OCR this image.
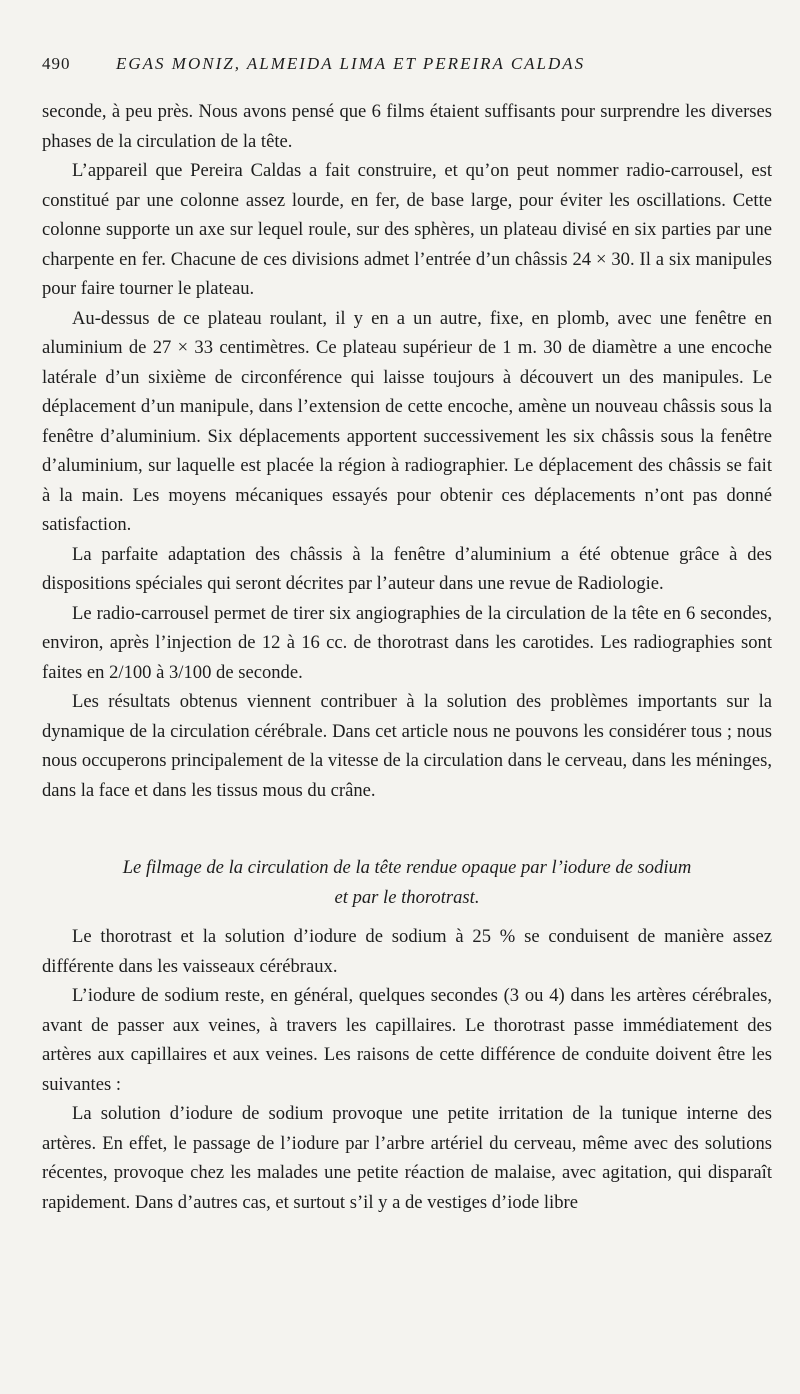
490	EGAS MONIZ, ALMEIDA LIMA ET PEREIRA CALDAS

seconde, à peu près. Nous avons pensé que 6 films étaient suffisants pour surprendre les diverses phases de la circulation de la tête.

L’appareil que Pereira Caldas a fait construire, et qu’on peut nommer radio-carrousel, est constitué par une colonne assez lourde, en fer, de base large, pour éviter les oscillations. Cette colonne supporte un axe sur lequel roule, sur des sphères, un plateau divisé en six parties par une charpente en fer. Chacune de ces divisions admet l’entrée d’un châssis 24 × 30. Il a six manipules pour faire tourner le plateau.

Au-dessus de ce plateau roulant, il y en a un autre, fixe, en plomb, avec une fenêtre en aluminium de 27 × 33 centimètres. Ce plateau supérieur de 1 m. 30 de diamètre a une encoche latérale d’un sixième de circonférence qui laisse toujours à découvert un des manipules. Le déplacement d’un manipule, dans l’extension de cette encoche, amène un nouveau châssis sous la fenêtre d’aluminium. Six déplacements apportent successivement les six châssis sous la fenêtre d’aluminium, sur laquelle est placée la région à radiographier. Le déplacement des châssis se fait à la main. Les moyens mécaniques essayés pour obtenir ces déplacements n’ont pas donné satisfaction.

La parfaite adaptation des châssis à la fenêtre d’aluminium a été obtenue grâce à des dispositions spéciales qui seront décrites par l’auteur dans une revue de Radiologie.

Le radio-carrousel permet de tirer six angiographies de la circulation de la tête en 6 secondes, environ, après l’injection de 12 à 16 cc. de thorotrast dans les carotides. Les radiographies sont faites en 2/100 à 3/100 de seconde.

Les résultats obtenus viennent contribuer à la solution des problèmes importants sur la dynamique de la circulation cérébrale. Dans cet article nous ne pouvons les considérer tous ; nous nous occuperons principalement de la vitesse de la circulation dans le cerveau, dans les méninges, dans la face et dans les tissus mous du crâne.

Le filmage de la circulation de la tête rendue opaque par l’iodure de sodium
et par le thorotrast.

Le thorotrast et la solution d’iodure de sodium à 25 % se conduisent de manière assez différente dans les vaisseaux cérébraux.

L’iodure de sodium reste, en général, quelques secondes (3 ou 4) dans les artères cérébrales, avant de passer aux veines, à travers les capillaires. Le thorotrast passe immédiatement des artères aux capillaires et aux veines. Les raisons de cette différence de conduite doivent être les suivantes :

La solution d’iodure de sodium provoque une petite irritation de la tunique interne des artères. En effet, le passage de l’iodure par l’arbre artériel du cerveau, même avec des solutions récentes, provoque chez les malades une petite réaction de malaise, avec agitation, qui disparaît rapidement. Dans d’autres cas, et surtout s’il y a de vestiges d’iode libre
